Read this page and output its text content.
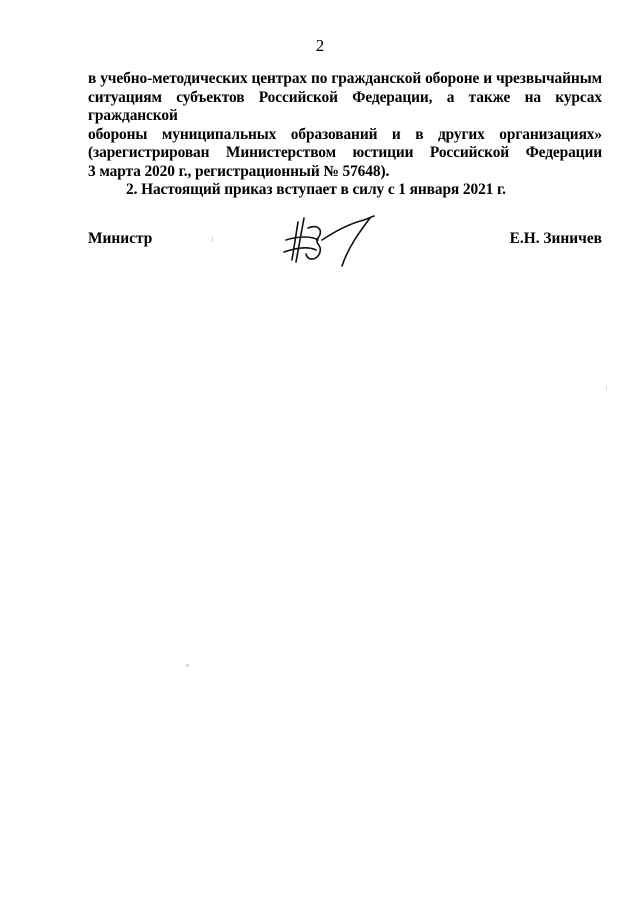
2

в учебно-методических центрах по гражданской обороне и чрезвычайным
ситуациям субъектов Российской Федерации, а также на курсах гражданской
обороны муниципальных образований и в других организациях»
(зарегистрирован Министерством юстиции Российской Федерации
3 марта 2020 г., регистрационный № 57648).

2. Настоящий приказ вступает в силу с 1 января 2021 г.

Министр	Е.Н. Зиничев
